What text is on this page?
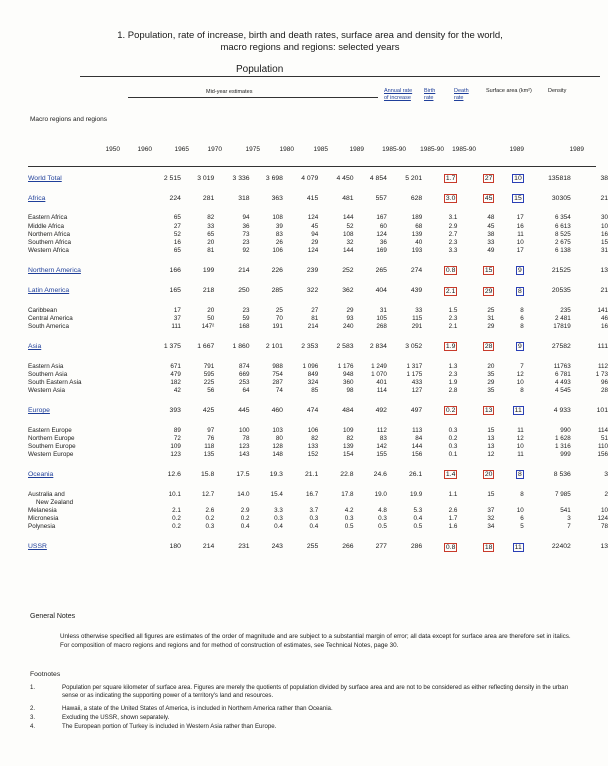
1. Population, rate of increase, birth and death rates, surface area and density for the world,
macro regions and regions: selected years
Population
Mid-year estimates	Annual rate of increase
Birth rate
Death rate
Surface area (km²)	Density
Macro regions and regions
1950	1960	1965	1970	1975	1980	1985	1989	1985-90	1985-90	1985-90	1989	1989
World Total	2 515	3 019	3 336	3 698	4 079	4 450	4 854	5 201	1.7	27	10	135818	38

Africa	224	281	318	363	415	481	557	628	3.0	45	15	30305	21

Eastern Africa	65	82	94	108	124	144	167	189	3.1	48	17	6 354	30
Middle Africa	27	33	36	39	45	52	60	68	2.9	45	16	6 613	10
Northern Africa	52	65	73	83	94	108	124	139	2.7	38	11	8 525	16
Southern Africa	16	20	23	26	29	32	36	40	2.3	33	10	2 675	15
Western Africa	65	81	92	106	124	144	169	193	3.3	49	17	6 138	31

Northern America	166	199	214	226	239	252	265	274	0.8	15	9	21525	13

Latin America	165	218	250	285	322	362	404	439	2.1	29	8	20535	21

Caribbean	17	20	23	25	27	29	31	33	1.5	25	8	235	141
Central America	37	50	59	70	81	93	105	115	2.3	31	6	2 481	46
South America	111	147²	168	191	214	240	268	291	2.1	29	8	17819	16

Asia	1 375	1 667	1 860	2 101	2 353	2 583	2 834	3 052	1.9	28	9	27582	111

Eastern Asia	671	791	874	988	1 096	1 176	1 249	1 317	1.3	20	7	11763	112
Southern Asia	479	595	669	754	849	948	1 070	1 175	2.3	35	12	6 781	1 73
South Eastern Asia	182	225	253	287	324	360	401	433	1.9	29	10	4 493	96
Western Asia	42	56	64	74	85	98	114	127	2.8	35	8	4 545	28

Europe	393	425	445	460	474	484	492	497	0.2	13	11	4 933	101

Eastern Europe	89	97	100	103	106	109	112	113	0.3	15	11	990	114
Northern Europe	72	76	78	80	82	82	83	84	0.2	13	12	1 628	51
Southern Europe	109	118	123	128	133	139	142	144	0.3	13	10	1 316	110
Western Europe	123	135	143	148	152	154	155	156	0.1	12	11	999	156

Oceania	12.6	15.8	17.5	19.3	21.1	22.8	24.6	26.1	1.4	20	8	8 536	3

Australia and	10.1	12.7	14.0	15.4	16.7	17.8	19.0	19.9	1.1	15	8	7 985	2
New Zealand													
Melanesia	2.1	2.6	2.9	3.3	3.7	4.2	4.8	5.3	2.6	37	10	541	10
Micronesia	0.2	0.2	0.2	0.3	0.3	0.3	0.3	0.4	1.7	32	6	3	124
Polynesia	0.2	0.3	0.4	0.4	0.4	0.5	0.5	0.5	1.6	34	5	7	78

USSR	180	214	231	243	255	266	277	286	0.8	18	11	22402	13
General Notes
Unless otherwise specified all figures are estimates of the order of magnitude and are subject to a substantial margin of error; all data except for surface area are therefore set in italics. For composition of macro regions and regions and for method of construction of estimates, see Technical Notes, page 30.
Footnotes
1.	Population per square kilometer of surface area. Figures are merely the quotients of population divided by surface area and are not to be considered as either reflecting density in the urban sense or as indicating the supporting power of a territory's land and resources.
2.	Hawaii, a state of the United States of America, is included in Northern America rather than Oceania.
3.	Excluding the USSR, shown separately.
4.	The European portion of Turkey is included in Western Asia rather than Europe.
